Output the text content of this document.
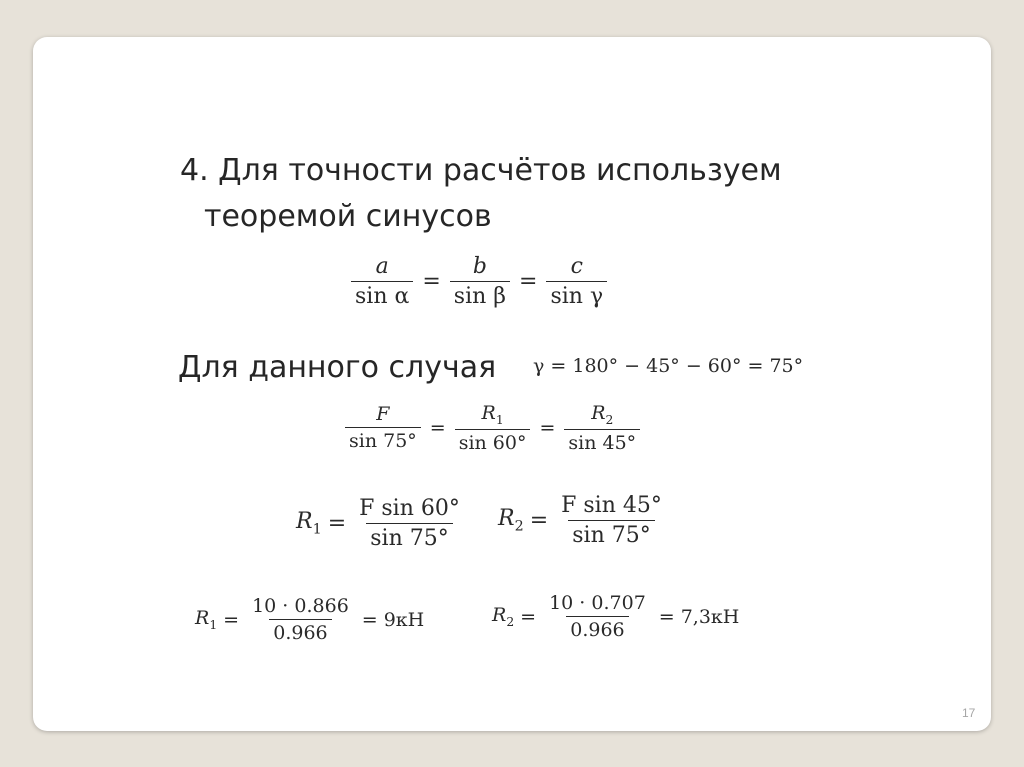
4. Для точности расчётов используем
теоремой синусов
$\frac{a}{\text{sin α}} = \frac{b}{\text{sin β}} = \frac{c}{\text{sin γ}}$
Для данного случая γ = 180° − 45° − 60° = 75°
$\frac{F}{\sin 75^\circ} = \frac{R_1}{\sin 60^\circ} = \frac{R_2}{\sin 45^\circ}$
$R_1 = \frac{\text{F sin 60°}}{\sin 75^\circ} R_2 = \frac{\text{F sin 45°}}{\sin 75^\circ}$
$R_1 = \frac{10 \cdot 0.866}{0.966} = 9кН$	$R_2 = \frac{10 \cdot 0.707}{0.966} = 7,3кН$
17
